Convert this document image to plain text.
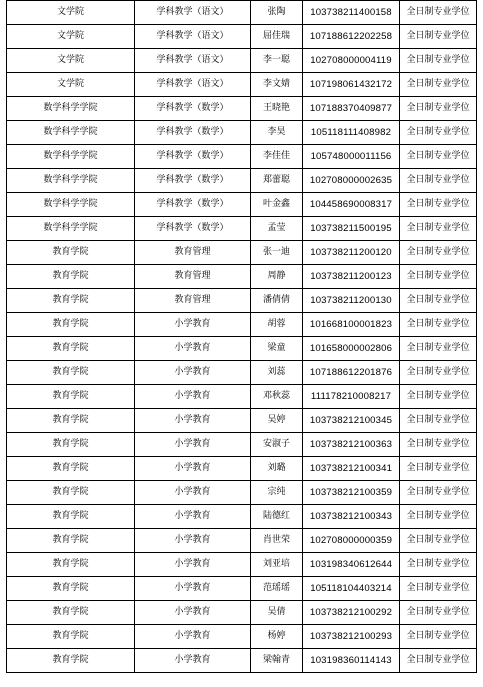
文学院	学科教学（语文）	张陶	103738211400158	全日制专业学位
文学院	学科教学（语文）	屈佳瑞	107188612202258	全日制专业学位
文学院	学科教学（语文）	李一聪	102708000004119	全日制专业学位
文学院	学科教学（语文）	李文婧	107198061432172	全日制专业学位
数学科学学院	学科教学（数学）	王晓艳	107188370409877	全日制专业学位
数学科学学院	学科教学（数学）	李昊	105118111408982	全日制专业学位
数学科学学院	学科教学（数学）	李佳佳	105748000011156	全日制专业学位
数学科学学院	学科教学（数学）	郑蕾聪	102708000002635	全日制专业学位
数学科学学院	学科教学（数学）	叶金鑫	104458690008317	全日制专业学位
数学科学学院	学科教学（数学）	孟莹	103738211500195	全日制专业学位
教育学院	教育管理	张一迪	103738211200120	全日制专业学位
教育学院	教育管理	周静	103738211200123	全日制专业学位
教育学院	教育管理	潘倩倩	103738211200130	全日制专业学位
教育学院	小学教育	胡蓉	101668100001823	全日制专业学位
教育学院	小学教育	梁童	101658000002806	全日制专业学位
教育学院	小学教育	刘蕊	107188612201876	全日制专业学位
教育学院	小学教育	邓秋蕊	111178210008217	全日制专业学位
教育学院	小学教育	吴婷	103738212100345	全日制专业学位
教育学院	小学教育	安淑子	103738212100363	全日制专业学位
教育学院	小学教育	刘璐	103738212100341	全日制专业学位
教育学院	小学教育	宗纯	103738212100359	全日制专业学位
教育学院	小学教育	陆德红	103738212100343	全日制专业学位
教育学院	小学教育	肖世荣	102708000000359	全日制专业学位
教育学院	小学教育	刘亚培	103198340612644	全日制专业学位
教育学院	小学教育	范瑶瑶	105118104403214	全日制专业学位
教育学院	小学教育	吴倩	103738212100292	全日制专业学位
教育学院	小学教育	杨婷	103738212100293	全日制专业学位
教育学院	小学教育	梁翰青	103198360114143	全日制专业学位
